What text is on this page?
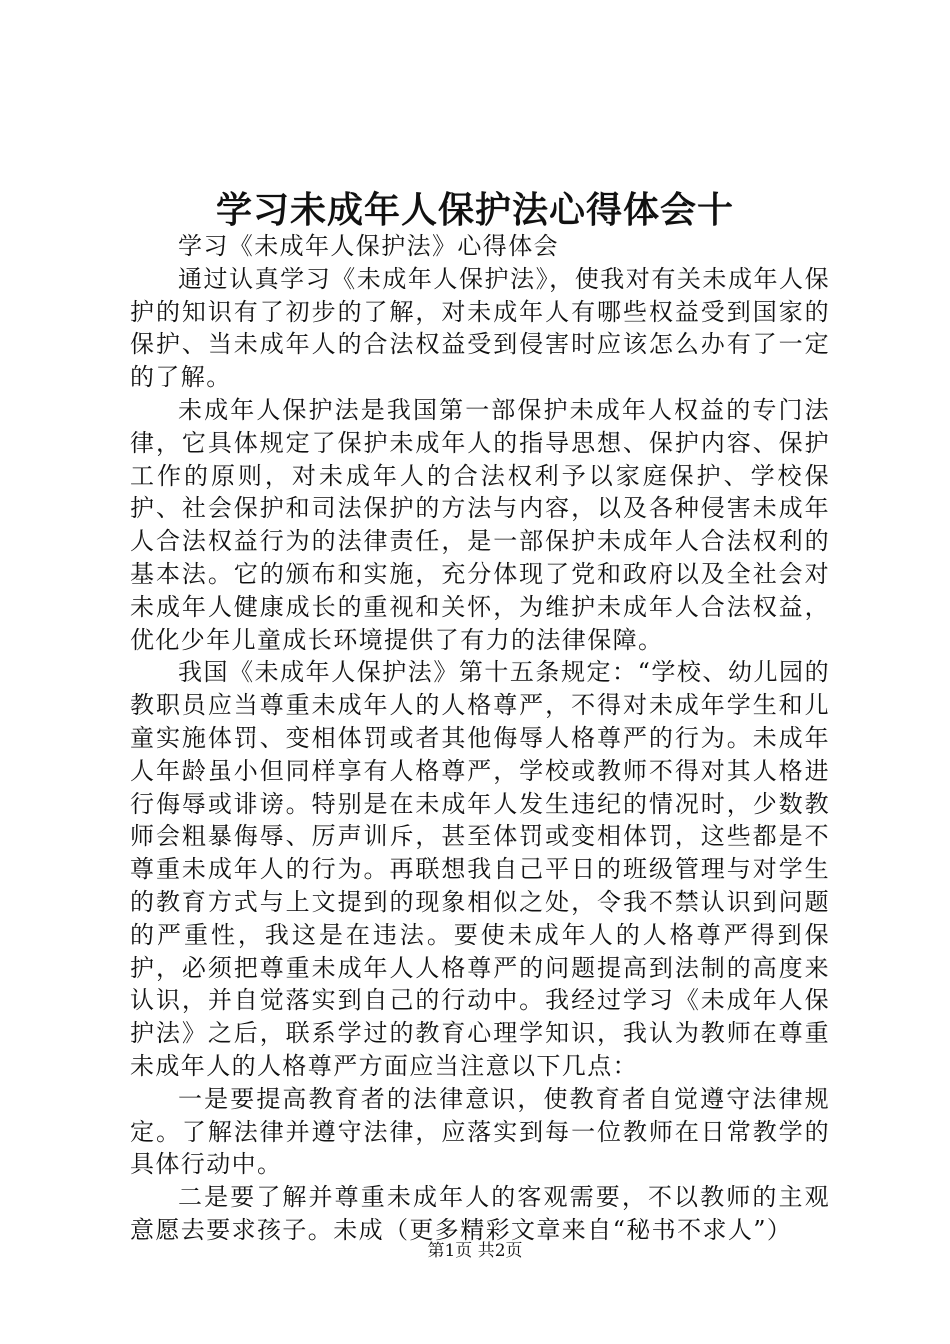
学习未成年人保护法心得体会十

学习《未成年人保护法》心得体会

通过认真学习《未成年人保护法》，使我对有关未成年人保护的知识有了初步的了解，对未成年人有哪些权益受到国家的保护、当未成年人的合法权益受到侵害时应该怎么办有了一定的了解。

未成年人保护法是我国第一部保护未成年人权益的专门法律，它具体规定了保护未成年人的指导思想、保护内容、保护工作的原则，对未成年人的合法权利予以家庭保护、学校保护、社会保护和司法保护的方法与内容，以及各种侵害未成年人合法权益行为的法律责任，是一部保护未成年人合法权利的基本法。它的颁布和实施，充分体现了党和政府以及全社会对未成年人健康成长的重视和关怀，为维护未成年人合法权益，优化少年儿童成长环境提供了有力的法律保障。

我国《未成年人保护法》第十五条规定：“学校、幼儿园的教职员应当尊重未成年人的人格尊严，不得对未成年学生和儿童实施体罚、变相体罚或者其他侮辱人格尊严的行为。未成年人年龄虽小但同样享有人格尊严，学校或教师不得对其人格进行侮辱或诽谤。特别是在未成年人发生违纪的情况时，少数教师会粗暴侮辱、厉声训斥，甚至体罚或变相体罚，这些都是不尊重未成年人的行为。再联想我自己平日的班级管理与对学生的教育方式与上文提到的现象相似之处，令我不禁认识到问题的严重性，我这是在违法。要使未成年人的人格尊严得到保护，必须把尊重未成年人人格尊严的问题提高到法制的高度来认识，并自觉落实到自己的行动中。我经过学习《未成年人保护法》之后，联系学过的教育心理学知识，我认为教师在尊重未成年人的人格尊严方面应当注意以下几点：

一是要提高教育者的法律意识，使教育者自觉遵守法律规定。了解法律并遵守法律，应落实到每一位教师在日常教学的具体行动中。

二是要了解并尊重未成年人的客观需要，不以教师的主观意愿去要求孩子。未成（更多精彩文章来自“秘书不求人”）

第1页 共2页
